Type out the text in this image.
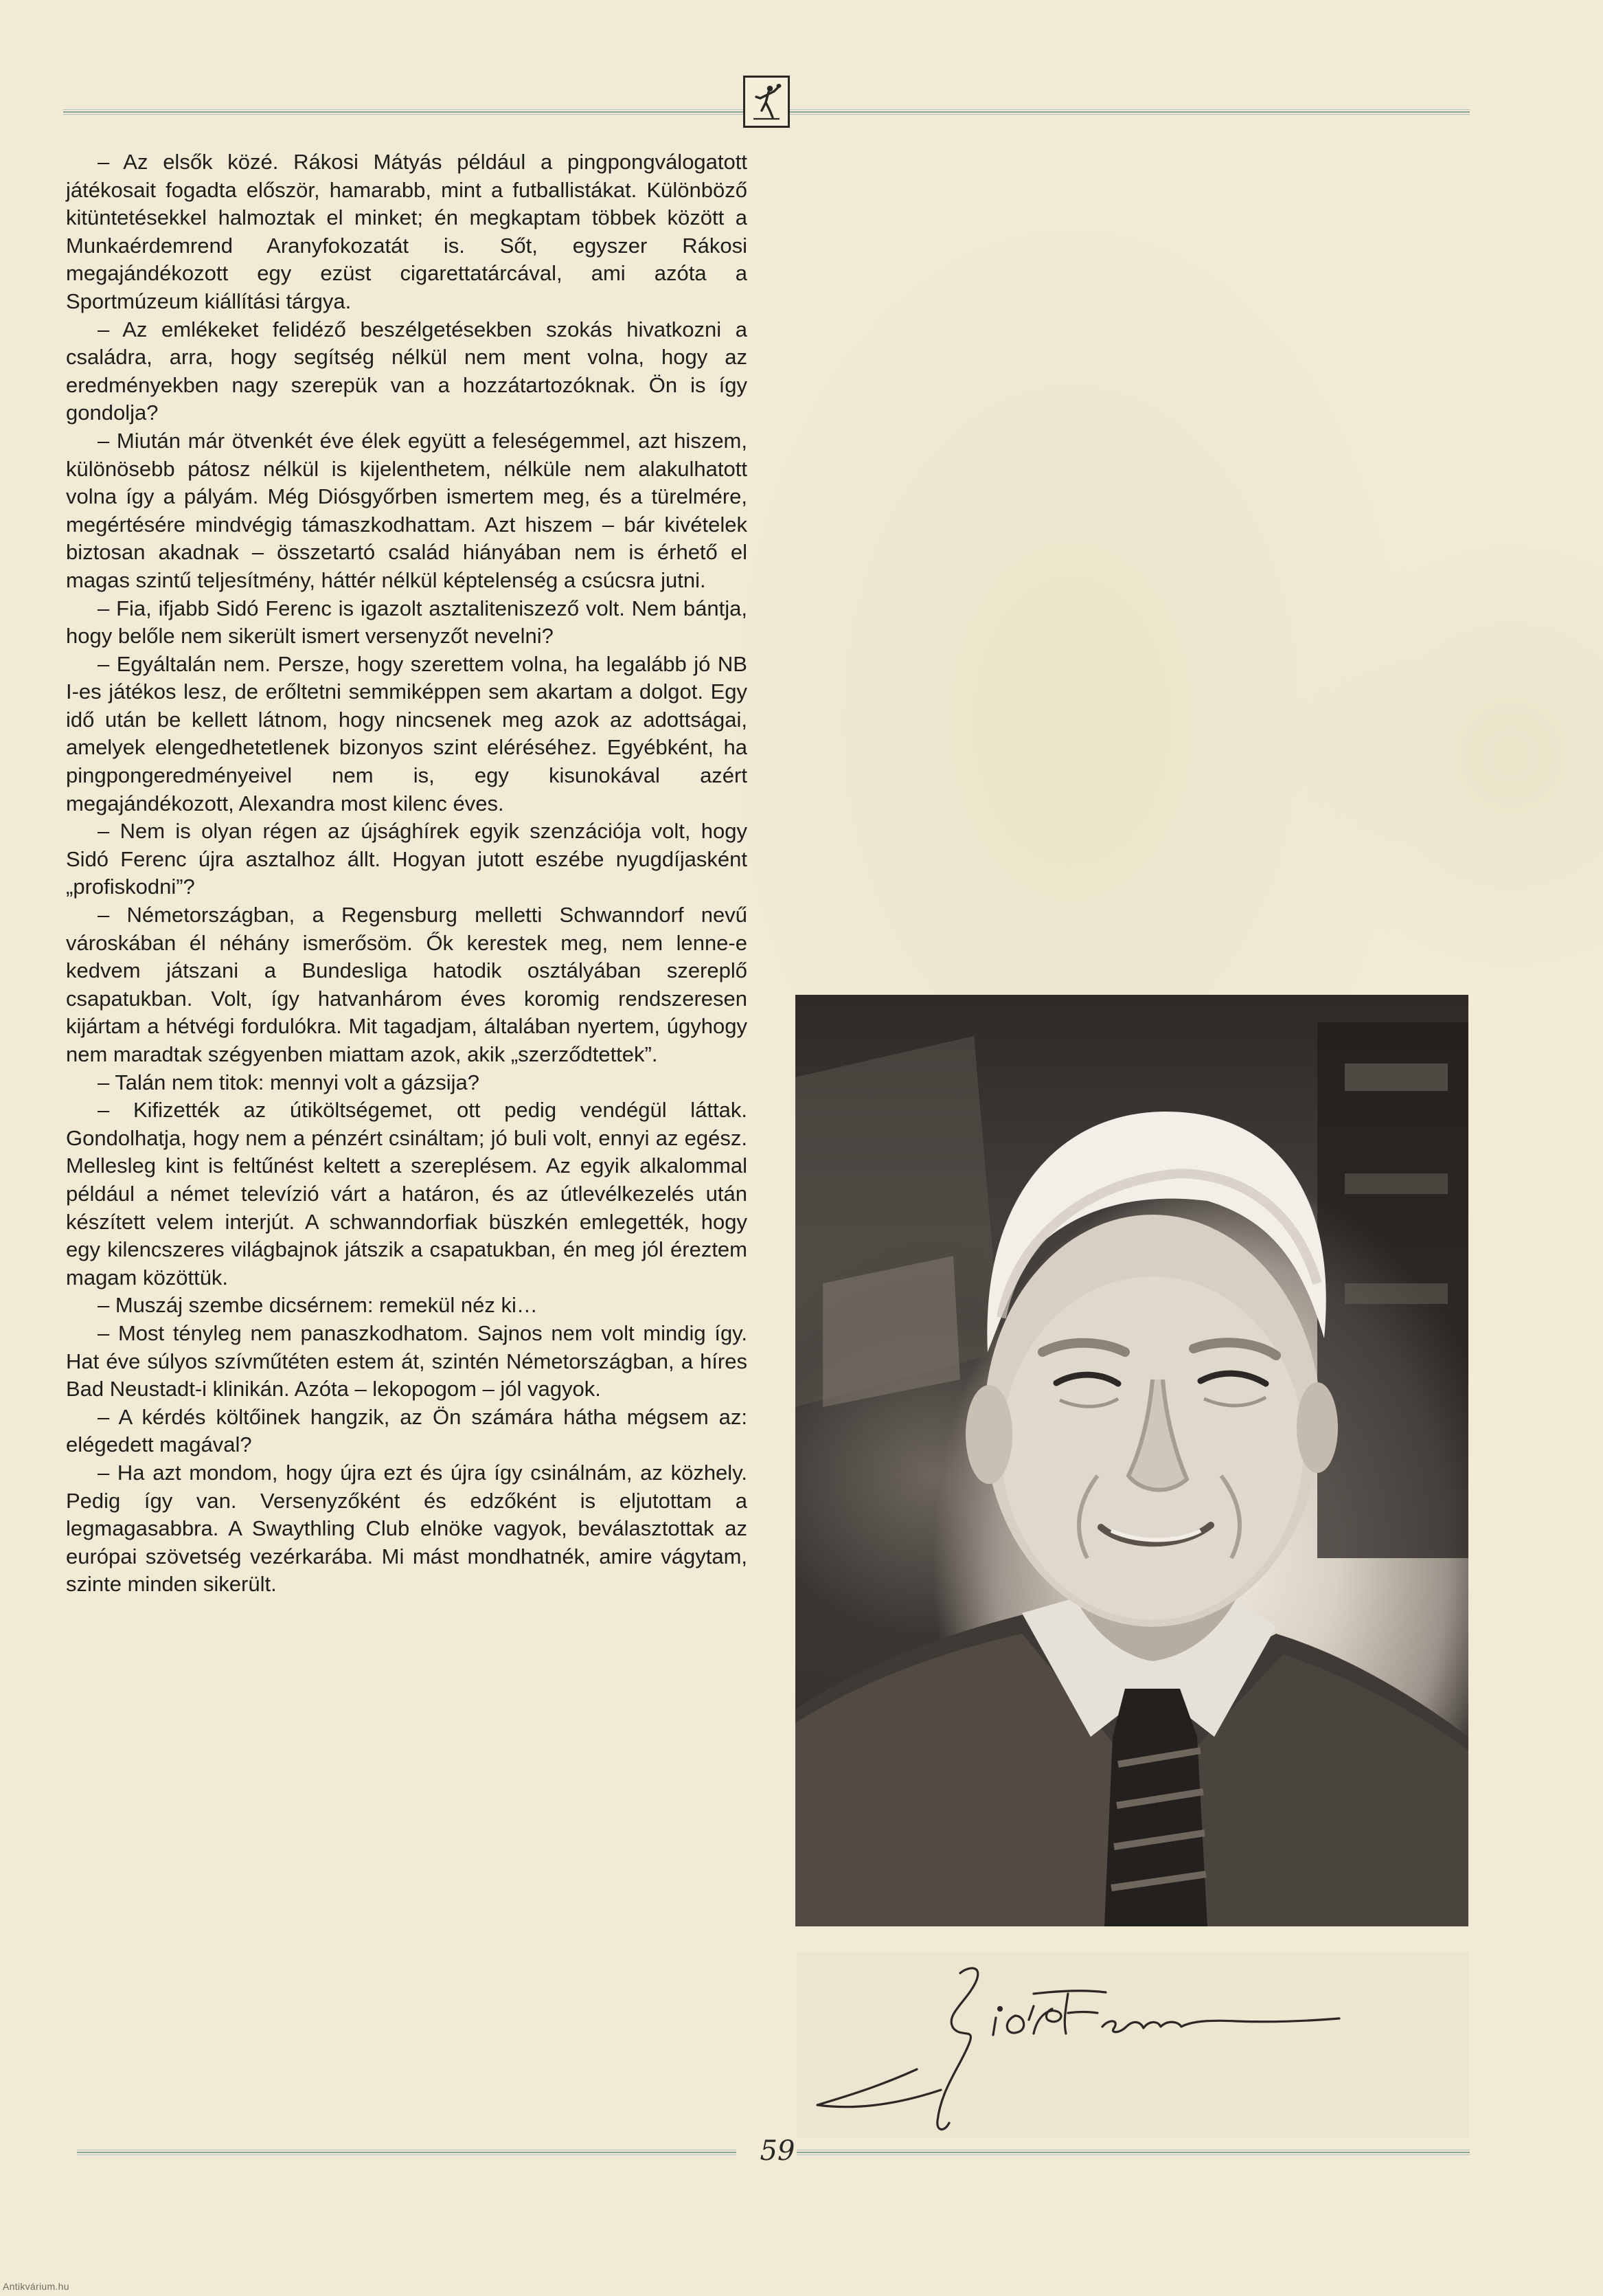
– Az elsők közé. Rákosi Mátyás például a pingpongválogatott játékosait fogadta először, hamarabb, mint a futballistákat. Különböző kitüntetésekkel halmoztak el minket; én megkaptam többek között a Munkaérdemrend Aranyfokozatát is. Sőt, egyszer Rákosi megajándékozott egy ezüst cigarettatárcával, ami azóta a Sportmúzeum kiállítási tárgya.

– Az emlékeket felidéző beszélgetésekben szokás hivatkozni a családra, arra, hogy segítség nélkül nem ment volna, hogy az eredményekben nagy szerepük van a hozzátartozóknak. Ön is így gondolja?

– Miután már ötvenkét éve élek együtt a feleségemmel, azt hiszem, különösebb pátosz nélkül is kijelenthetem, nélküle nem alakulhatott volna így a pályám. Még Diósgyőrben ismertem meg, és a türelmére, megértésére mindvégig támaszkodhattam. Azt hiszem – bár kivételek biztosan akadnak – összetartó család hiányában nem is érhető el magas szintű teljesítmény, háttér nélkül képtelenség a csúcsra jutni.

– Fia, ifjabb Sidó Ferenc is igazolt asztaliteniszező volt. Nem bántja, hogy belőle nem sikerült ismert versenyzőt nevelni?

– Egyáltalán nem. Persze, hogy szerettem volna, ha legalább jó NB I-es játékos lesz, de erőltetni semmiképpen sem akartam a dolgot. Egy idő után be kellett látnom, hogy nincsenek meg azok az adottságai, amelyek elengedhetetlenek bizonyos szint eléréséhez. Egyébként, ha pingpongeredményeivel nem is, egy kisunokával azért megajándékozott, Alexandra most kilenc éves.

– Nem is olyan régen az újsághírek egyik szenzációja volt, hogy Sidó Ferenc újra asztalhoz állt. Hogyan jutott eszébe nyugdíjasként „profiskodni”?

– Németországban, a Regensburg melletti Schwanndorf nevű városkában él néhány ismerősöm. Ők kerestek meg, nem lenne-e kedvem játszani a Bundesliga hatodik osztályában szereplő csapatukban. Volt, így hatvanhárom éves koromig rendszeresen kijártam a hétvégi fordulókra. Mit tagadjam, általában nyertem, úgyhogy nem maradtak szégyenben miattam azok, akik „szerződtettek”.

– Talán nem titok: mennyi volt a gázsija?

– Kifizették az útiköltségemet, ott pedig vendégül láttak. Gondolhatja, hogy nem a pénzért csináltam; jó buli volt, ennyi az egész. Mellesleg kint is feltűnést keltett a szereplésem. Az egyik alkalommal például a német televízió várt a határon, és az útlevélkezelés után készített velem interjút. A schwanndorfiak büszkén emlegették, hogy egy kilencszeres világbajnok játszik a csapatukban, én meg jól éreztem magam közöttük.

– Muszáj szembe dicsérnem: remekül néz ki…

– Most tényleg nem panaszkodhatom. Sajnos nem volt mindig így. Hat éve súlyos szívműtéten estem át, szintén Németországban, a híres Bad Neustadt-i klinikán. Azóta – lekopogom – jól vagyok.

– A kérdés költőinek hangzik, az Ön számára hátha mégsem az: elégedett magával?

– Ha azt mondom, hogy újra ezt és újra így csinálnám, az közhely. Pedig így van. Versenyzőként és edzőként is eljutottam a legmagasabbra. A Swaythling Club elnöke vagyok, beválasztottak az európai szövetség vezérkarába. Mi mást mondhatnék, amire vágytam, szinte minden sikerült.

59
Antikvárium.hu
